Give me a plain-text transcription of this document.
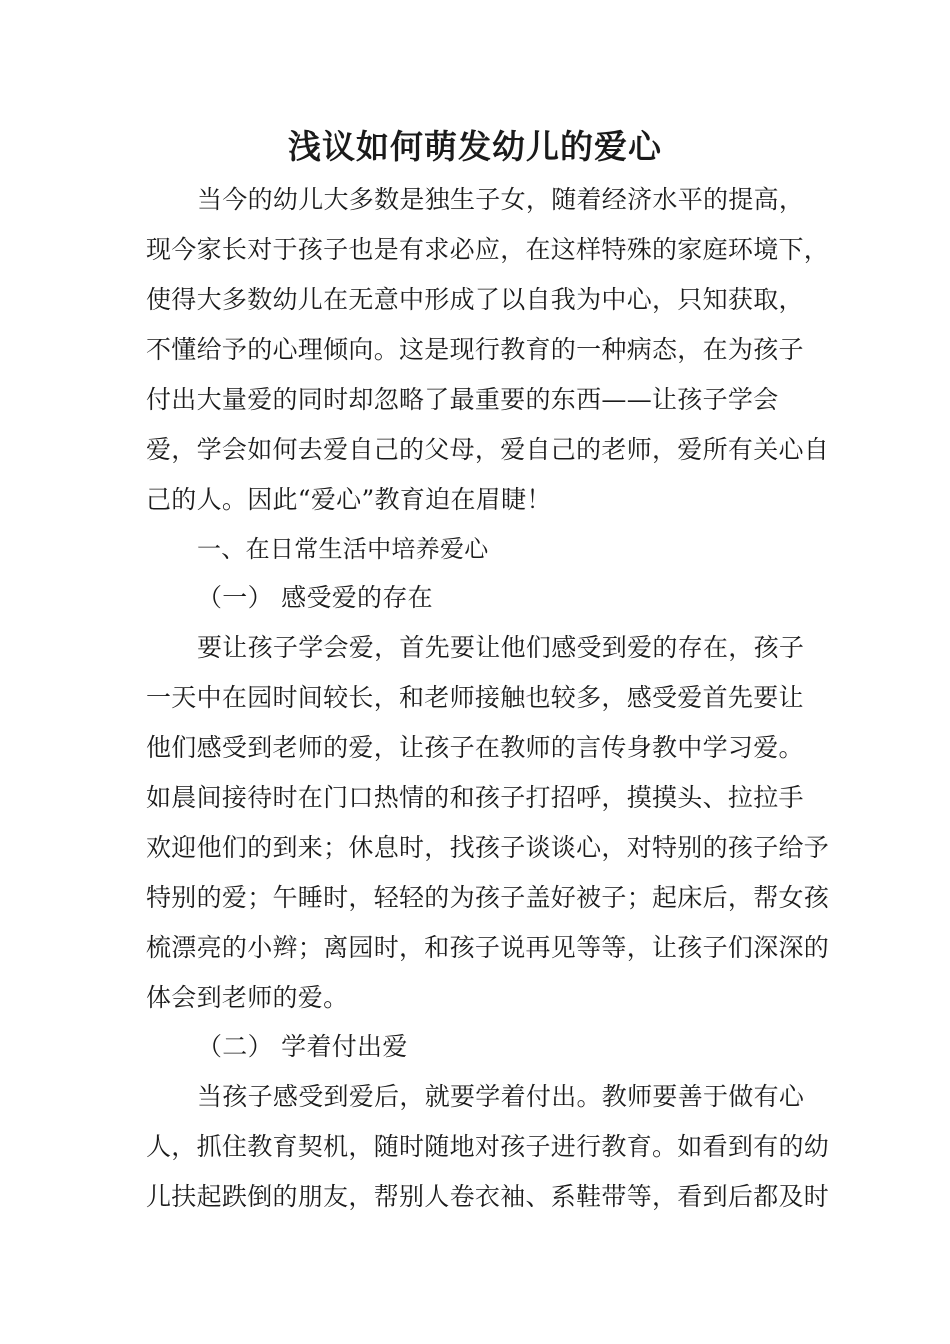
浅议如何萌发幼儿的爱心

当今的幼儿大多数是独生子女，随着经济水平的提高，

现今家长对于孩子也是有求必应，在这样特殊的家庭环境下，

使得大多数幼儿在无意中形成了以自我为中心，只知获取，

不懂给予的心理倾向。这是现行教育的一种病态，在为孩子

付出大量爱的同时却忽略了最重要的东西——让孩子学会

爱，学会如何去爱自己的父母，爱自己的老师，爱所有关心自

己的人。因此“爱心”教育迫在眉睫！

一、在日常生活中培养爱心

（一） 感受爱的存在

要让孩子学会爱，首先要让他们感受到爱的存在，孩子

一天中在园时间较长，和老师接触也较多，感受爱首先要让

他们感受到老师的爱，让孩子在教师的言传身教中学习爱。

如晨间接待时在门口热情的和孩子打招呼，摸摸头、拉拉手

欢迎他们的到来；休息时，找孩子谈谈心，对特别的孩子给予

特别的爱；午睡时，轻轻的为孩子盖好被子；起床后，帮女孩

梳漂亮的小辫；离园时，和孩子说再见等等，让孩子们深深的

体会到老师的爱。

（二） 学着付出爱

当孩子感受到爱后，就要学着付出。教师要善于做有心

人，抓住教育契机，随时随地对孩子进行教育。如看到有的幼

儿扶起跌倒的朋友，帮别人卷衣袖、系鞋带等，看到后都及时
